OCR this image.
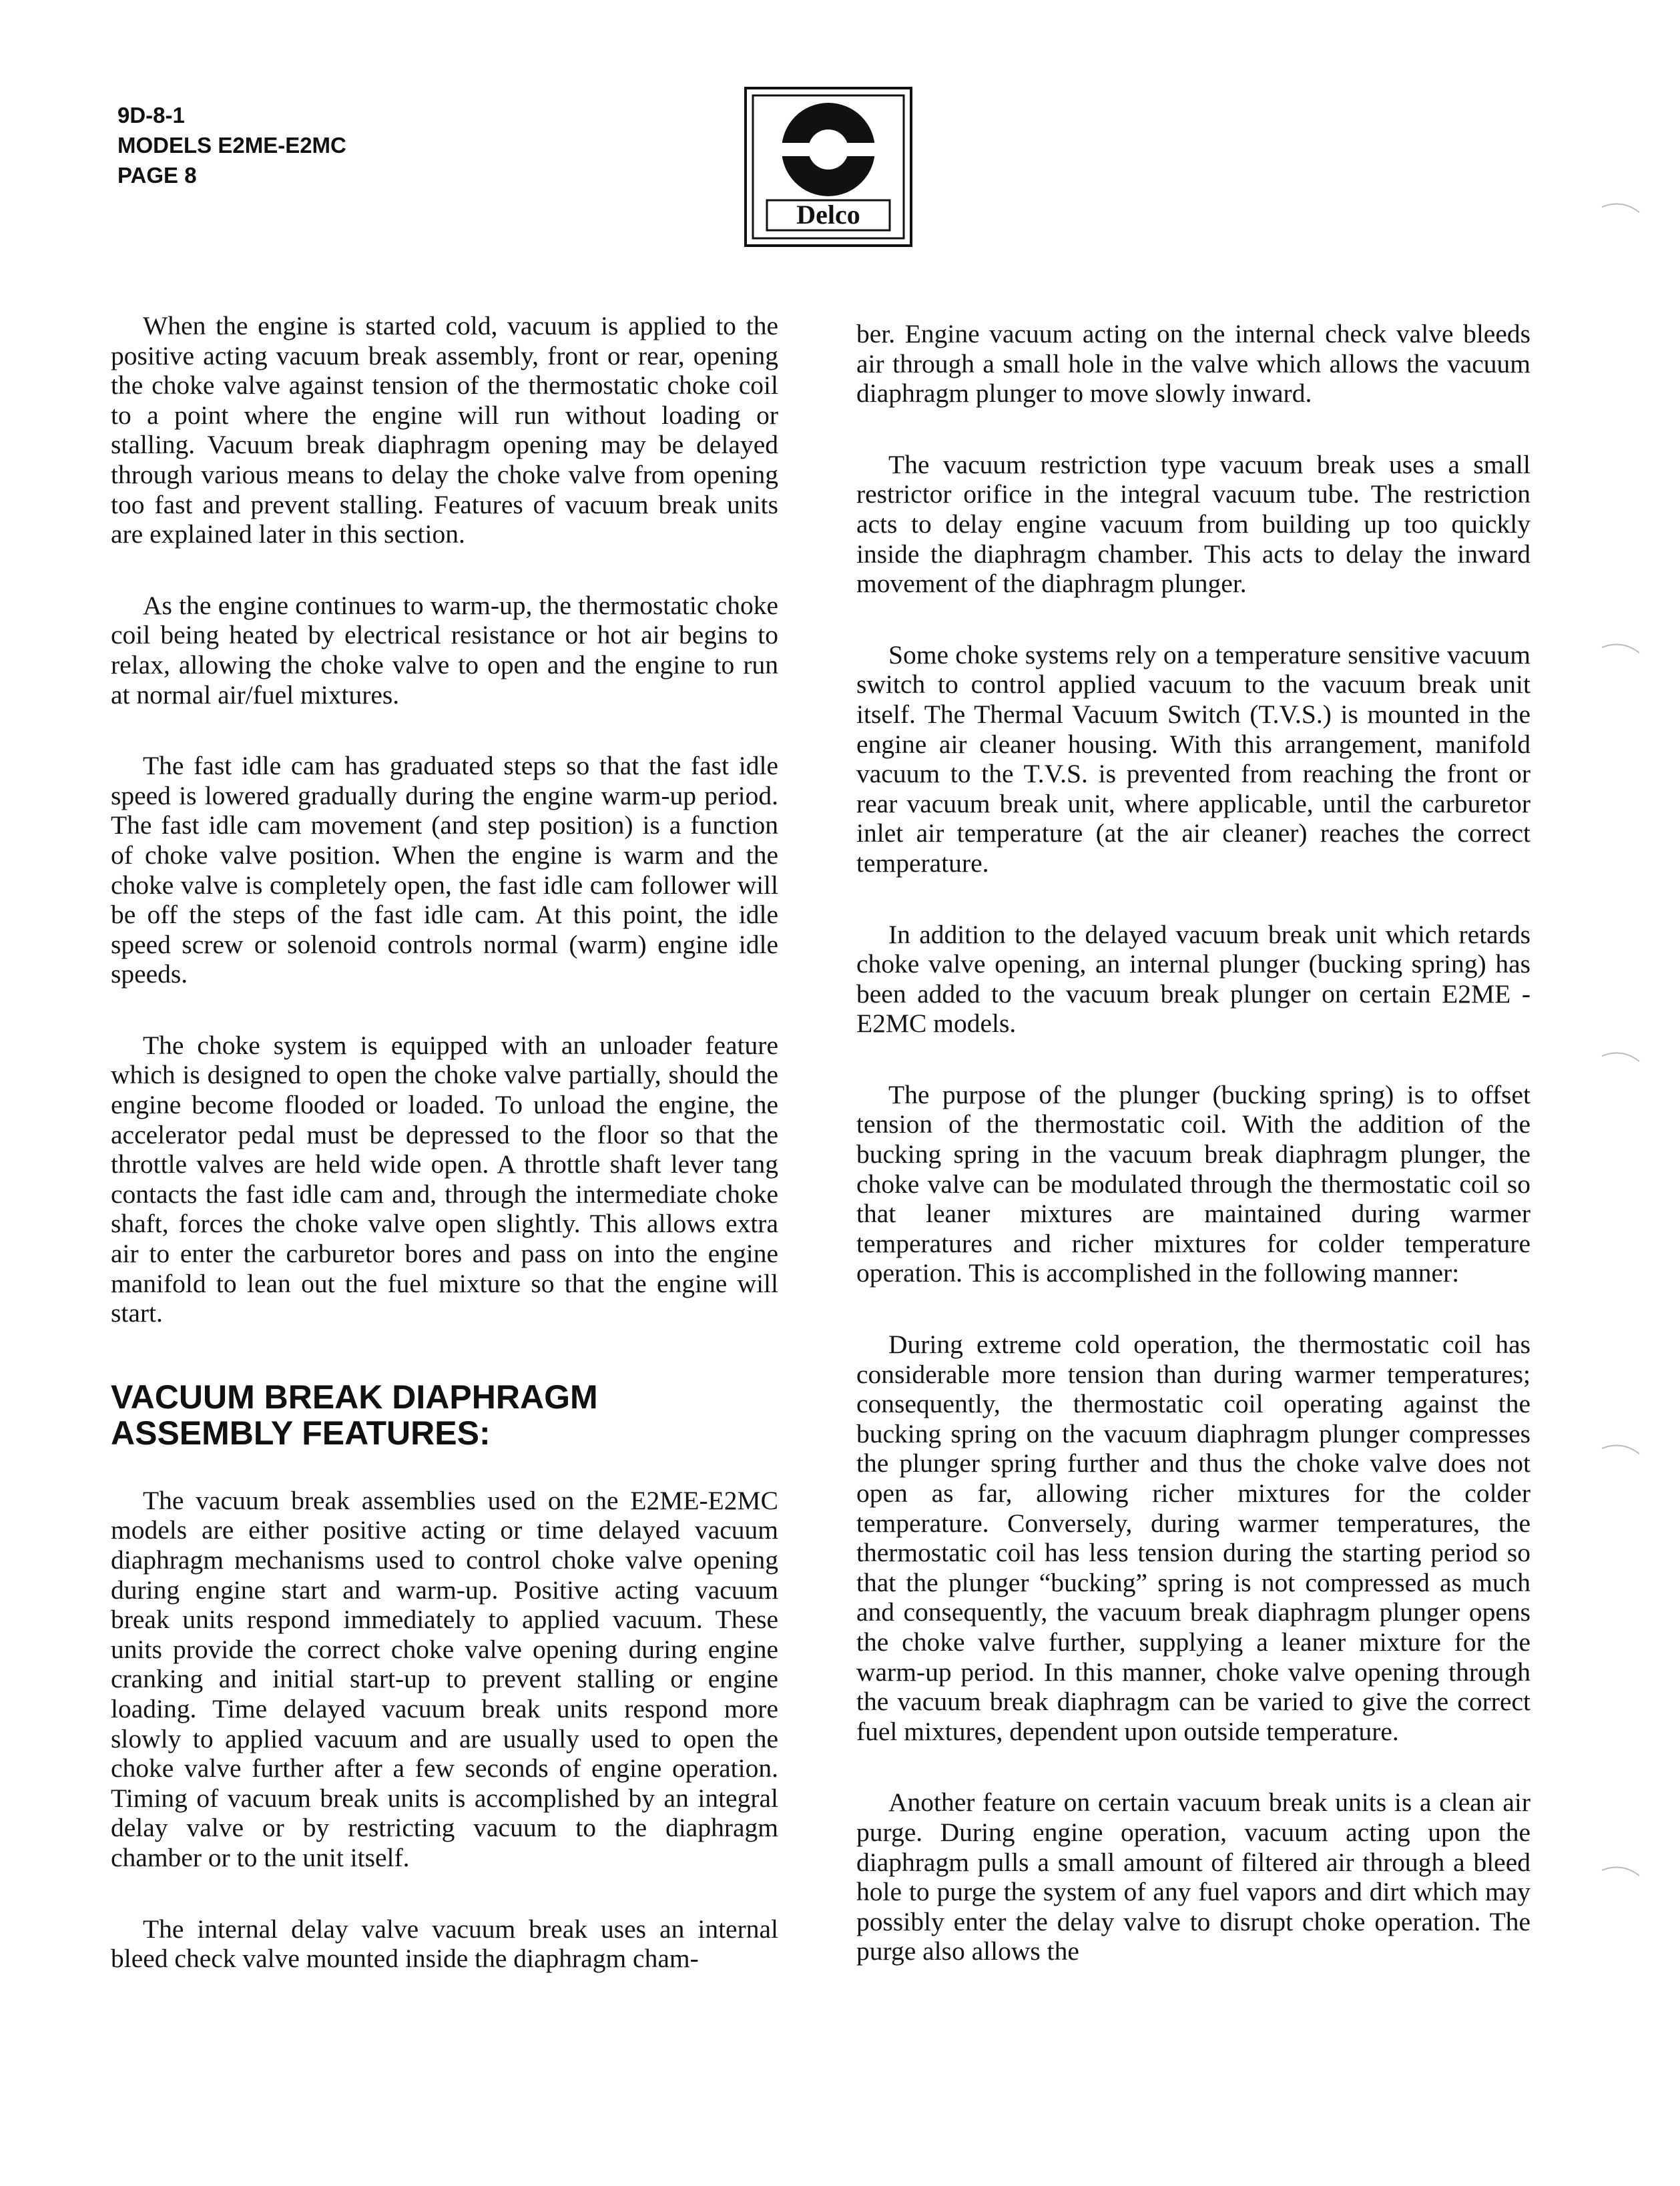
9D-8-1
MODELS E2ME-E2MC
PAGE 8
Delco

When the engine is started cold, vacuum is applied to the positive acting vacuum break assembly, front or rear, opening the choke valve against tension of the thermostatic choke coil to a point where the engine will run without loading or stalling. Vacuum break diaphragm opening may be delayed through various means to delay the choke valve from opening too fast and prevent stalling. Features of vacuum break units are explained later in this section.

As the engine continues to warm-up, the thermostatic choke coil being heated by electrical resistance or hot air begins to relax, allowing the choke valve to open and the engine to run at normal air/fuel mixtures.

The fast idle cam has graduated steps so that the fast idle speed is lowered gradually during the engine warm-up period. The fast idle cam movement (and step position) is a function of choke valve position. When the engine is warm and the choke valve is completely open, the fast idle cam follower will be off the steps of the fast idle cam. At this point, the idle speed screw or solenoid controls normal (warm) engine idle speeds.

The choke system is equipped with an unloader feature which is designed to open the choke valve partially, should the engine become flooded or loaded. To unload the engine, the accelerator pedal must be depressed to the floor so that the throttle valves are held wide open. A throttle shaft lever tang contacts the fast idle cam and, through the intermediate choke shaft, forces the choke valve open slightly. This allows extra air to enter the carburetor bores and pass on into the engine manifold to lean out the fuel mixture so that the engine will start.

VACUUM BREAK DIAPHRAGM ASSEMBLY FEATURES:

The vacuum break assemblies used on the E2ME-E2MC models are either positive acting or time delayed vacuum diaphragm mechanisms used to control choke valve opening during engine start and warm-up. Positive acting vacuum break units respond immediately to applied vacuum. These units provide the correct choke valve opening during engine cranking and initial start-up to prevent stalling or engine loading. Time delayed vacuum break units respond more slowly to applied vacuum and are usually used to open the choke valve further after a few seconds of engine operation. Timing of vacuum break units is accomplished by an integral delay valve or by restricting vacuum to the diaphragm chamber or to the unit itself.

The internal delay valve vacuum break uses an internal bleed check valve mounted inside the diaphragm cham-

ber. Engine vacuum acting on the internal check valve bleeds air through a small hole in the valve which allows the vacuum diaphragm plunger to move slowly inward.

The vacuum restriction type vacuum break uses a small restrictor orifice in the integral vacuum tube. The restriction acts to delay engine vacuum from building up too quickly inside the diaphragm chamber. This acts to delay the inward movement of the diaphragm plunger.

Some choke systems rely on a temperature sensitive vacuum switch to control applied vacuum to the vacuum break unit itself. The Thermal Vacuum Switch (T.V.S.) is mounted in the engine air cleaner housing. With this arrangement, manifold vacuum to the T.V.S. is prevented from reaching the front or rear vacuum break unit, where applicable, until the carburetor inlet air temperature (at the air cleaner) reaches the correct temperature.

In addition to the delayed vacuum break unit which retards choke valve opening, an internal plunger (bucking spring) has been added to the vacuum break plunger on certain E2ME - E2MC models.

The purpose of the plunger (bucking spring) is to offset tension of the thermostatic coil. With the addition of the bucking spring in the vacuum break diaphragm plunger, the choke valve can be modulated through the thermostatic coil so that leaner mixtures are maintained during warmer temperatures and richer mixtures for colder temperature operation. This is accomplished in the following manner:

During extreme cold operation, the thermostatic coil has considerable more tension than during warmer temperatures; consequently, the thermostatic coil operating against the bucking spring on the vacuum diaphragm plunger compresses the plunger spring further and thus the choke valve does not open as far, allowing richer mixtures for the colder temperature. Conversely, during warmer temperatures, the thermostatic coil has less tension during the starting period so that the plunger “bucking” spring is not compressed as much and consequently, the vacuum break diaphragm plunger opens the choke valve further, supplying a leaner mixture for the warm-up period. In this manner, choke valve opening through the vacuum break diaphragm can be varied to give the correct fuel mixtures, dependent upon outside temperature.

Another feature on certain vacuum break units is a clean air purge. During engine operation, vacuum acting upon the diaphragm pulls a small amount of filtered air through a bleed hole to purge the system of any fuel vapors and dirt which may possibly enter the delay valve to disrupt choke operation. The purge also allows the
